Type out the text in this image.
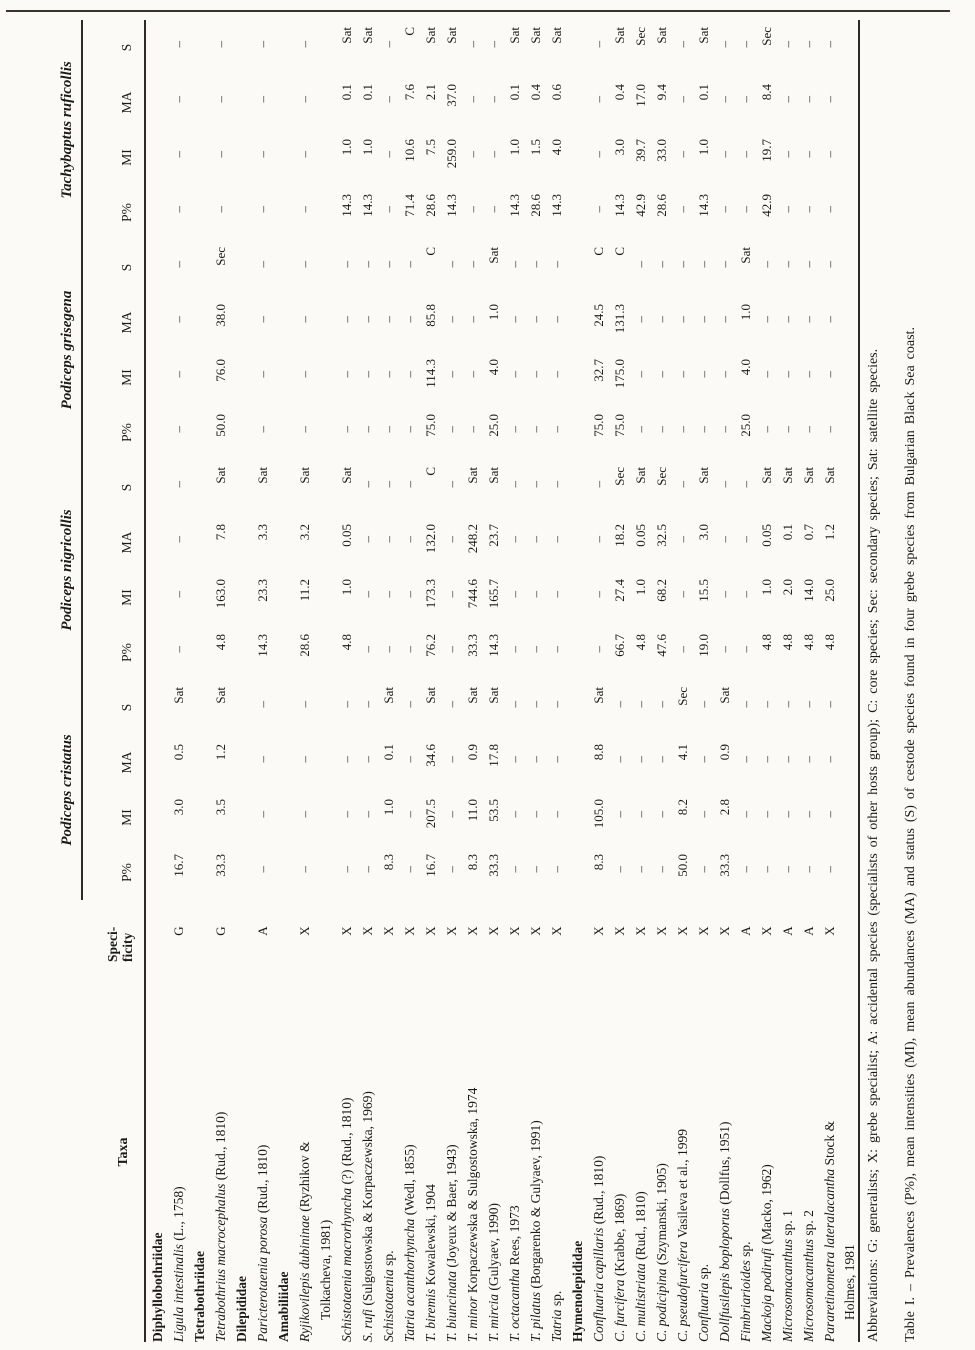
Taxa	Speci- ficity	Podiceps cristatus				Podiceps nigricollis				Podiceps grisegena				Tachybaptus ruficollis			

		P%	MI	MA	S	P%	MI	MA	S	P%	MI	MA	S	P%	MI	MA	S
Diphyllobothriidae																	
Ligula intestinalis (L., 1758)	G	16.7	3.0	0.5	Sat	–	–	–	–	–	–	–	–	–	–	–	–
Tetrabothriidae																	
Tetrabothrius macrocephalus (Rud., 1810)	G	33.3	3.5	1.2	Sat	4.8	163.0	7.8	Sat	50.0	76.0	38.0	Sec	–	–	–	–
Dilepididae																	
Paricterotaenia porosa (Rud., 1810)	A	–	–	–	–	14.3	23.3	3.3	Sat	–	–	–	–	–	–	–	–
Amabiliidae																	
Ryjikovilepis dubininae (Ryzhikov &	X	–	–	–	–	28.6	11.2	3.2	Sat	–	–	–	–	–	–	–	–
Tolkacheva, 1981)																	
Schistotaenia macrorhyncha (?) (Rud., 1810)	X	–	–	–	–	4.8	1.0	0.05	Sat	–	–	–	–	14.3	1.0	0.1	Sat
S. rufi (Sulgostowska & Korpaczewska, 1969)	X	–	–	–	–	–	–	–	–	–	–	–	–	14.3	1.0	0.1	Sat
Schistotaenia sp.	X	8.3	1.0	0.1	Sat	–	–	–	–	–	–	–	–	–	–	–	–
Tatria acanthorhyncha (Wedl, 1855)	X	–	–	–	–	–	–	–	–	–	–	–	–	71.4	10.6	7.6	C
T. biremis Kowalewski, 1904	X	16.7	207.5	34.6	Sat	76.2	173.3	132.0	C	75.0	114.3	85.8	C	28.6	7.5	2.1	Sat
T. biuncinata (Joyeux & Baer, 1943)	X	–	–	–	–	–	–	–	–	–	–	–	–	14.3	259.0	37.0	Sat
T. minor Korpaczewska & Sulgostowska, 1974	X	8.3	11.0	0.9	Sat	33.3	744.6	248.2	Sat	–	–	–	–	–	–	–	–
T. mircia (Gulyaev, 1990)	X	33.3	53.5	17.8	Sat	14.3	165.7	23.7	Sat	25.0	4.0	1.0	Sat	–	–	–	–
T. octacantha Rees, 1973	X	–	–	–	–	–	–	–	–	–	–	–	–	14.3	1.0	0.1	Sat
T. pilatus (Borgarenko & Gulyaev, 1991)	X	–	–	–	–	–	–	–	–	–	–	–	–	28.6	1.5	0.4	Sat
Tatria sp.	X	–	–	–	–	–	–	–	–	–	–	–	–	14.3	4.0	0.6	Sat
Hymenolepididae																	
Confluaria capillaris (Rud., 1810)	X	8.3	105.0	8.8	Sat	–	–	–	–	75.0	32.7	24.5	C	–	–	–	–
C. furcifera (Krabbe, 1869)	X	–	–	–	–	66.7	27.4	18.2	Sec	75.0	175.0	131.3	C	14.3	3.0	0.4	Sat
C. multistriata (Rud., 1810)	X	–	–	–	–	4.8	1.0	0.05	Sat	–	–	–	–	42.9	39.7	17.0	Sec
C. podicipina (Szymanski, 1905)	X	–	–	–	–	47.6	68.2	32.5	Sec	–	–	–	–	28.6	33.0	9.4	Sat
C. pseudofurcifera Vasileva et al., 1999	X	50.0	8.2	4.1	Sec	–	–	–	–	–	–	–	–	–	–	–	–
Confluaria sp.	X	–	–	–	–	19.0	15.5	3.0	Sat	–	–	–	–	14.3	1.0	0.1	Sat
Dollfusilepis boploporus (Dollfus, 1951)	X	33.3	2.8	0.9	Sat	–	–	–	–	–	–	–	–	–	–	–	–
Fimbriarioides sp.	A	–	–	–	–	–	–	–	–	25.0	4.0	1.0	Sat	–	–	–	–
Mackoja podirufi (Macko, 1962)	X	–	–	–	–	4.8	1.0	0.05	Sat	–	–	–	–	42.9	19.7	8.4	Sec
Microsomacanthus sp. 1	A	–	–	–	–	4.8	2.0	0.1	Sat	–	–	–	–	–	–	–	–
Microsomacanthus sp. 2	A	–	–	–	–	4.8	14.0	0.7	Sat	–	–	–	–	–	–	–	–
Pararetinometra lateralacantha Stock &	X	–	–	–	–	4.8	25.0	1.2	Sat	–	–	–	–	–	–	–	–
Holmes, 1981																	Abbreviations: G: generalists; X: grebe specialist; A: accidental species (specialists of other hosts group); C: core species; Sec: secondary species; Sat: satellite species. Table I. – Prevalences (P%), mean intensities (MI), mean abundances (MA) and status (S) of cestode species found in four grebe species from Bulgarian Black Sea coast.
